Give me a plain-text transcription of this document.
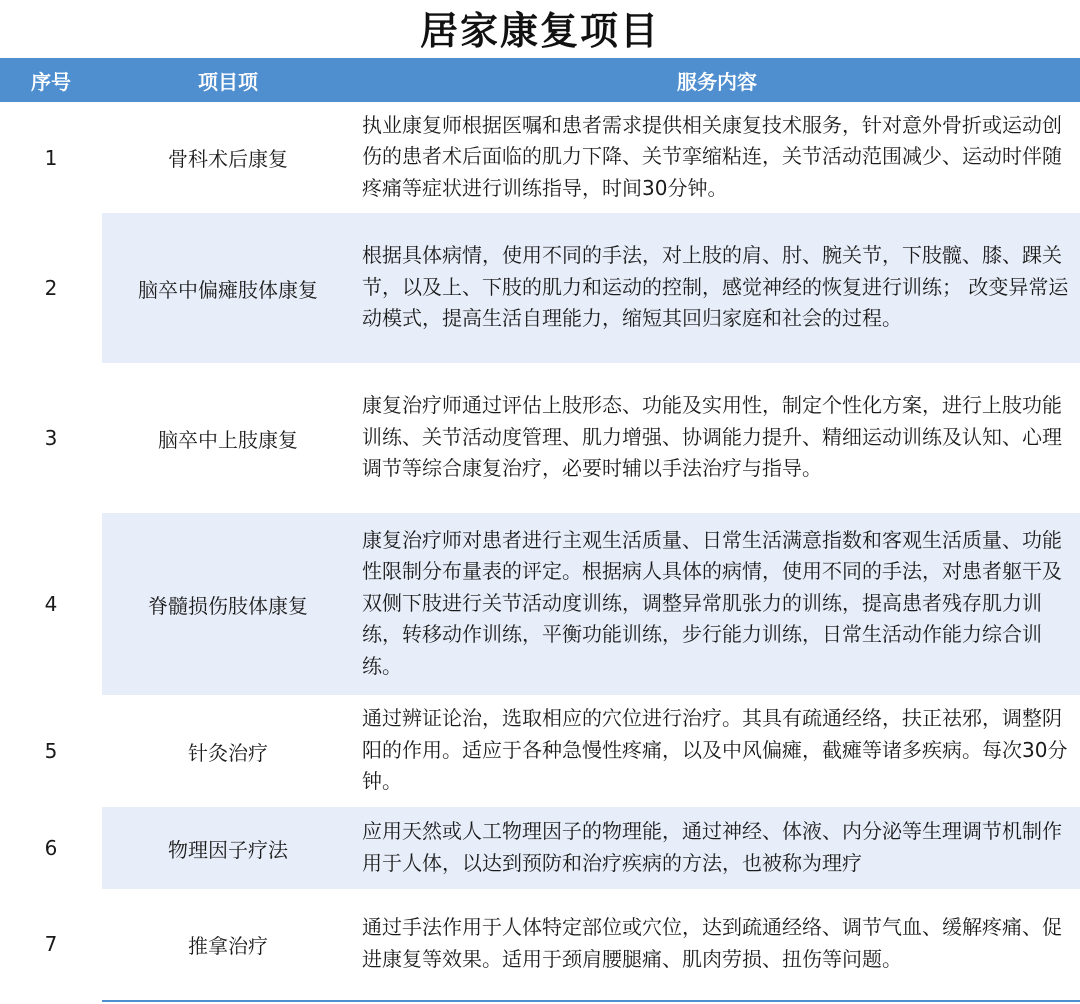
居家康复项目
序号	项目项	服务内容
1	骨科术后康复	执业康复师根据医嘱和患者需求提供相关康复技术服务，针对意外骨折或运动创伤的患者术后面临的肌力下降、关节挛缩粘连，关节活动范围减少、运动时伴随疼痛等症状进行训练指导，时间30分钟。
2	脑卒中偏瘫肢体康复	根据具体病情，使用不同的手法，对上肢的肩、肘、腕关节，下肢髋、膝、踝关节，以及上、下肢的肌力和运动的控制，感觉神经的恢复进行训练； 改变异常运动模式，提高生活自理能力，缩短其回归家庭和社会的过程。
3	脑卒中上肢康复	康复治疗师通过评估上肢形态、功能及实用性，制定个性化方案，进行上肢功能训练、关节活动度管理、肌力增强、协调能力提升、精细运动训练及认知、心理调节等综合康复治疗，必要时辅以手法治疗与指导。
4	脊髓损伤肢体康复	康复治疗师对患者进行主观生活质量、日常生活满意指数和客观生活质量、功能性限制分布量表的评定。根据病人具体的病情，使用不同的手法，对患者躯干及双侧下肢进行关节活动度训练，调整异常肌张力的训练，提高患者残存肌力训练，转移动作训练，平衡功能训练，步行能力训练，日常生活动作能力综合训练。
5	针灸治疗	通过辨证论治，选取相应的穴位进行治疗。其具有疏通经络，扶正祛邪，调整阴阳的作用。适应于各种急慢性疼痛，以及中风偏瘫，截瘫等诸多疾病。每次30分钟。
6	物理因子疗法	应用天然或人工物理因子的物理能，通过神经、体液、内分泌等生理调节机制作用于人体，以达到预防和治疗疾病的方法，也被称为理疗
7	推拿治疗	通过手法作用于人体特定部位或穴位，达到疏通经络、调节气血、缓解疼痛、促进康复等效果。适用于颈肩腰腿痛、肌肉劳损、扭伤等问题。
